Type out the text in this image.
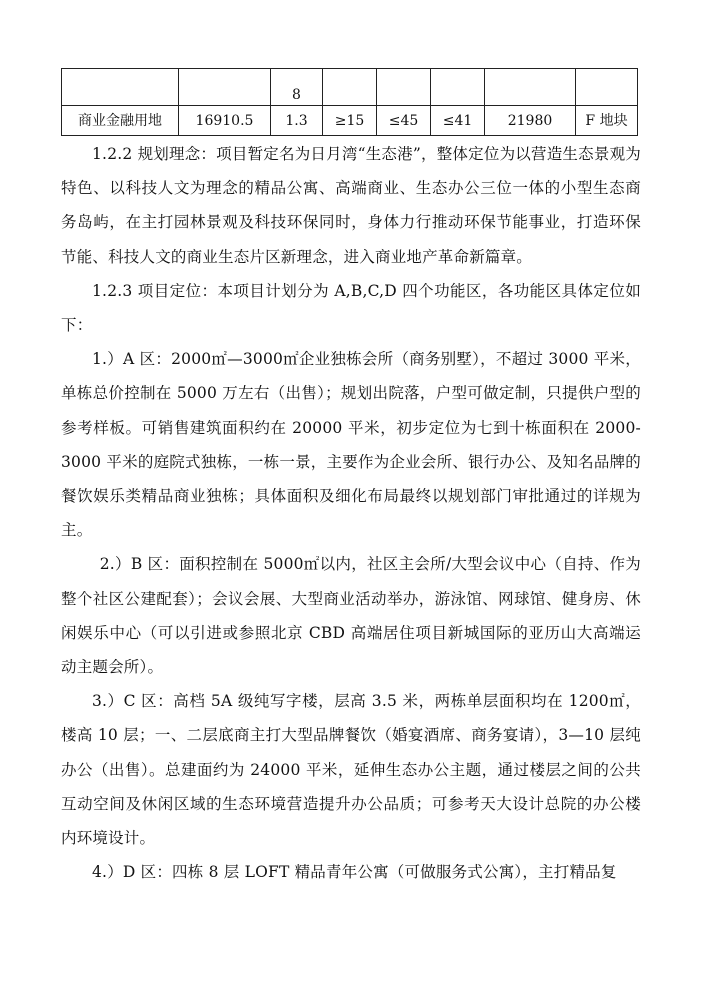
		8					
商业金融用地	16910.5	1.3	≥15	≤45	≤41	21980	F 地块

1.2.2 规划理念：项目暂定名为日月湾“生态港”，整体定位为以营造生态景观为特色、以科技人文为理念的精品公寓、高端商业、生态办公三位一体的小型生态商务岛屿，在主打园林景观及科技环保同时，身体力行推动环保节能事业，打造环保节能、科技人文的商业生态片区新理念，进入商业地产革命新篇章。

1.2.3 项目定位：本项目计划分为 A,B,C,D 四个功能区，各功能区具体定位如下：

1.）A 区：2000㎡—3000㎡企业独栋会所（商务别墅），不超过 3000 平米，单栋总价控制在 5000 万左右（出售）；规划出院落，户型可做定制，只提供户型的参考样板。可销售建筑面积约在 20000 平米，初步定位为七到十栋面积在 2000-3000 平米的庭院式独栋，一栋一景，主要作为企业会所、银行办公、及知名品牌的餐饮娱乐类精品商业独栋；具体面积及细化布局最终以规划部门审批通过的详规为主。

2.）B 区：面积控制在 5000㎡以内，社区主会所/大型会议中心（自持、作为整个社区公建配套）；会议会展、大型商业活动举办，游泳馆、网球馆、健身房、休闲娱乐中心（可以引进或参照北京 CBD 高端居住项目新城国际的亚历山大高端运动主题会所）。

3.）C 区：高档 5A 级纯写字楼，层高 3.5 米，两栋单层面积均在 1200㎡，楼高 10 层；一、二层底商主打大型品牌餐饮（婚宴酒席、商务宴请），3—10 层纯办公（出售）。总建面约为 24000 平米，延伸生态办公主题，通过楼层之间的公共互动空间及休闲区域的生态环境营造提升办公品质；可参考天大设计总院的办公楼内环境设计。

4.）D 区：四栋 8 层 LOFT 精品青年公寓（可做服务式公寓），主打精品复
